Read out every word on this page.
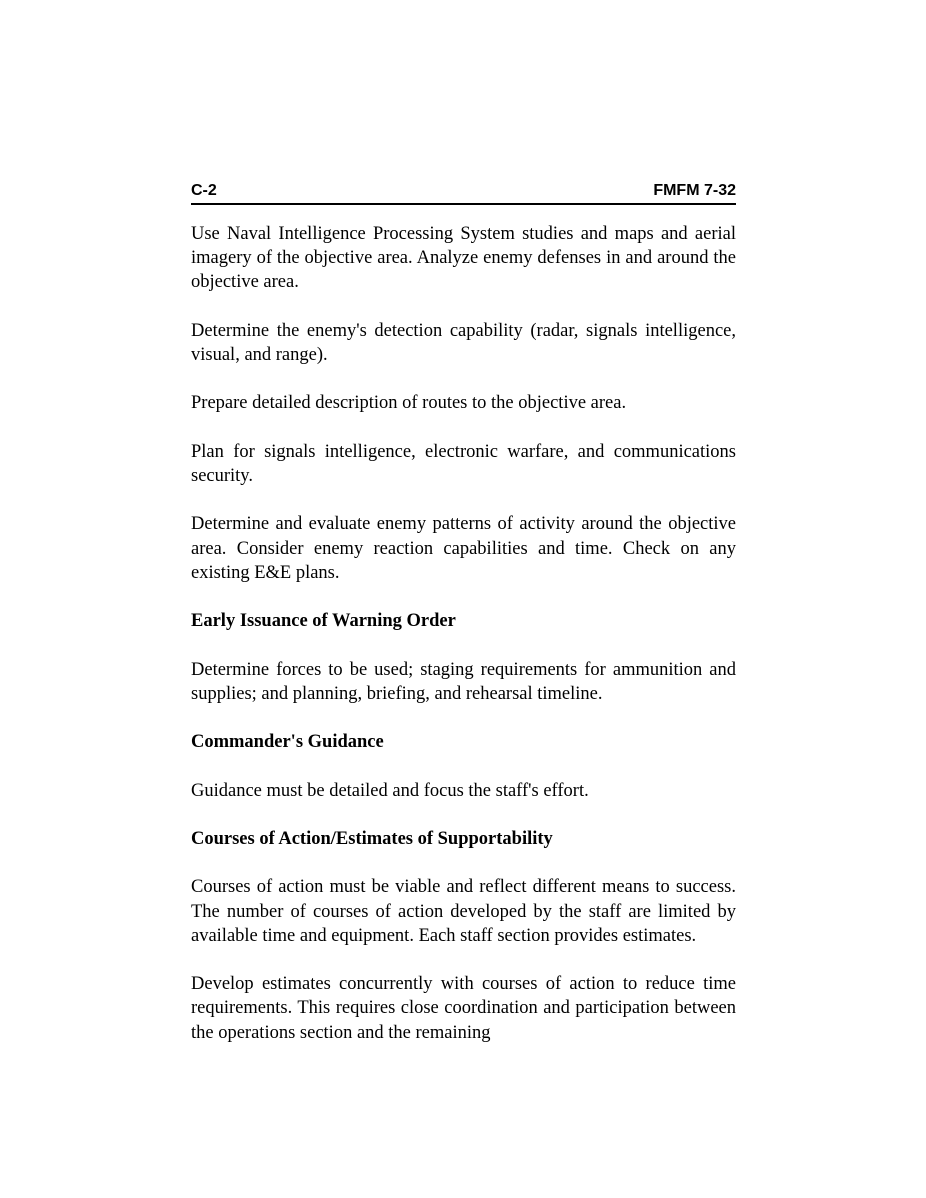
C-2	FMFM 7-32

Use Naval Intelligence Processing System studies and maps and aerial imagery of the objective area. Analyze enemy defenses in and around the objective area.

Determine the enemy's detection capability (radar, signals intelligence, visual, and range).

Prepare detailed description of routes to the objective area.

Plan for signals intelligence, electronic warfare, and communications security.

Determine and evaluate enemy patterns of activity around the objective area. Consider enemy reaction capabilities and time. Check on any existing E&E plans.

Early Issuance of Warning Order

Determine forces to be used; staging requirements for ammunition and supplies; and planning, briefing, and rehearsal timeline.

Commander's Guidance

Guidance must be detailed and focus the staff's effort.

Courses of Action/Estimates of Supportability

Courses of action must be viable and reflect different means to success. The number of courses of action developed by the staff are limited by available time and equipment. Each staff section provides estimates.

Develop estimates concurrently with courses of action to reduce time requirements. This requires close coordination and participation between the operations section and the remaining
